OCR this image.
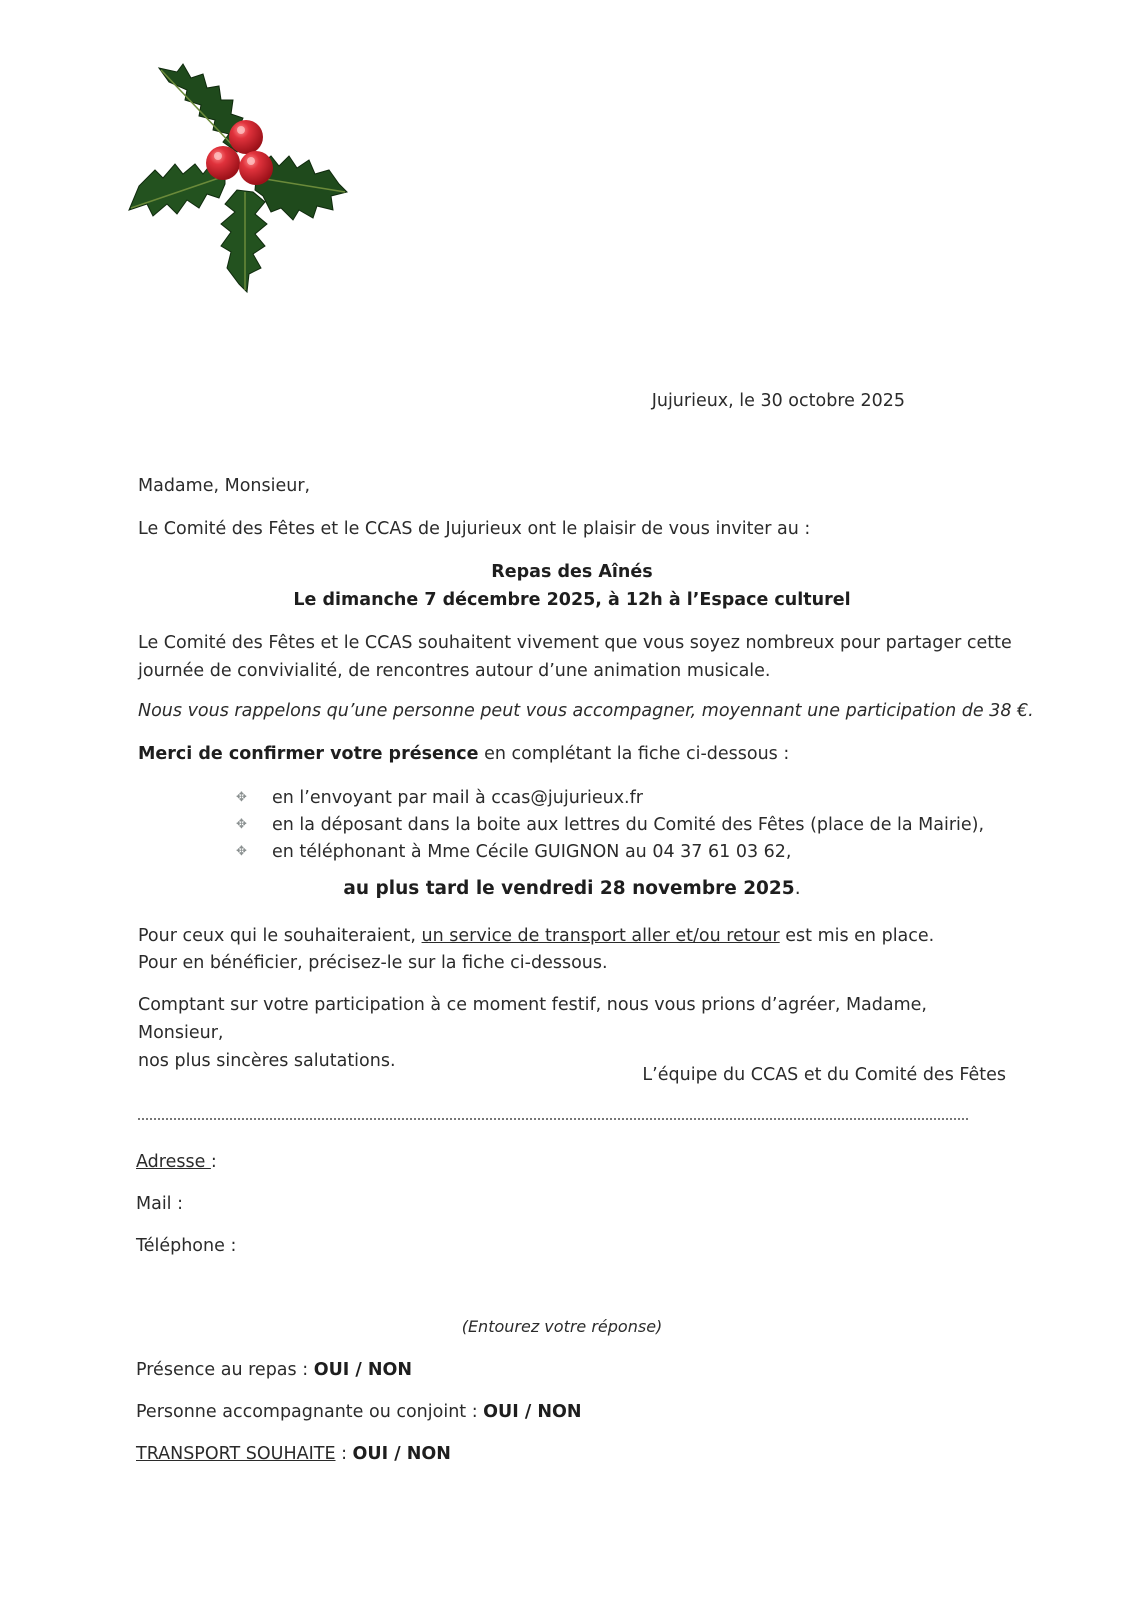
Jujurieux, le 30 octobre 2025
Madame, Monsieur,
Le Comité des Fêtes et le CCAS de Jujurieux ont le plaisir de vous inviter au :
Repas des Aînés
Le dimanche 7 décembre 2025, à 12h à l’Espace culturel
Le Comité des Fêtes et le CCAS souhaitent vivement que vous soyez nombreux pour partager cette
journée de convivialité, de rencontres autour d’une animation musicale.
Nous vous rappelons qu’une personne peut vous accompagner, moyennant une participation de 38 €.
Merci de confirmer votre présence en complétant la fiche ci-dessous :
✥	en l’envoyant par mail à ccas@jujurieux.fr
✥	en la déposant dans la boite aux lettres du Comité des Fêtes (place de la Mairie),
✥	en téléphonant à Mme Cécile GUIGNON au 04 37 61 03 62,
au plus tard le vendredi 28 novembre 2025.
Pour ceux qui le souhaiteraient, un service de transport aller et/ou retour est mis en place.
Pour en bénéficier, précisez-le sur la fiche ci-dessous.
Comptant sur votre participation à ce moment festif, nous vous prions d’agréer, Madame, Monsieur,
nos plus sincères salutations.
L’équipe du CCAS et du Comité des Fêtes
Adresse :
Mail :
Téléphone :
(Entourez votre réponse)
Présence au repas : OUI / NON
Personne accompagnante ou conjoint : OUI / NON
TRANSPORT SOUHAITE : OUI / NON
